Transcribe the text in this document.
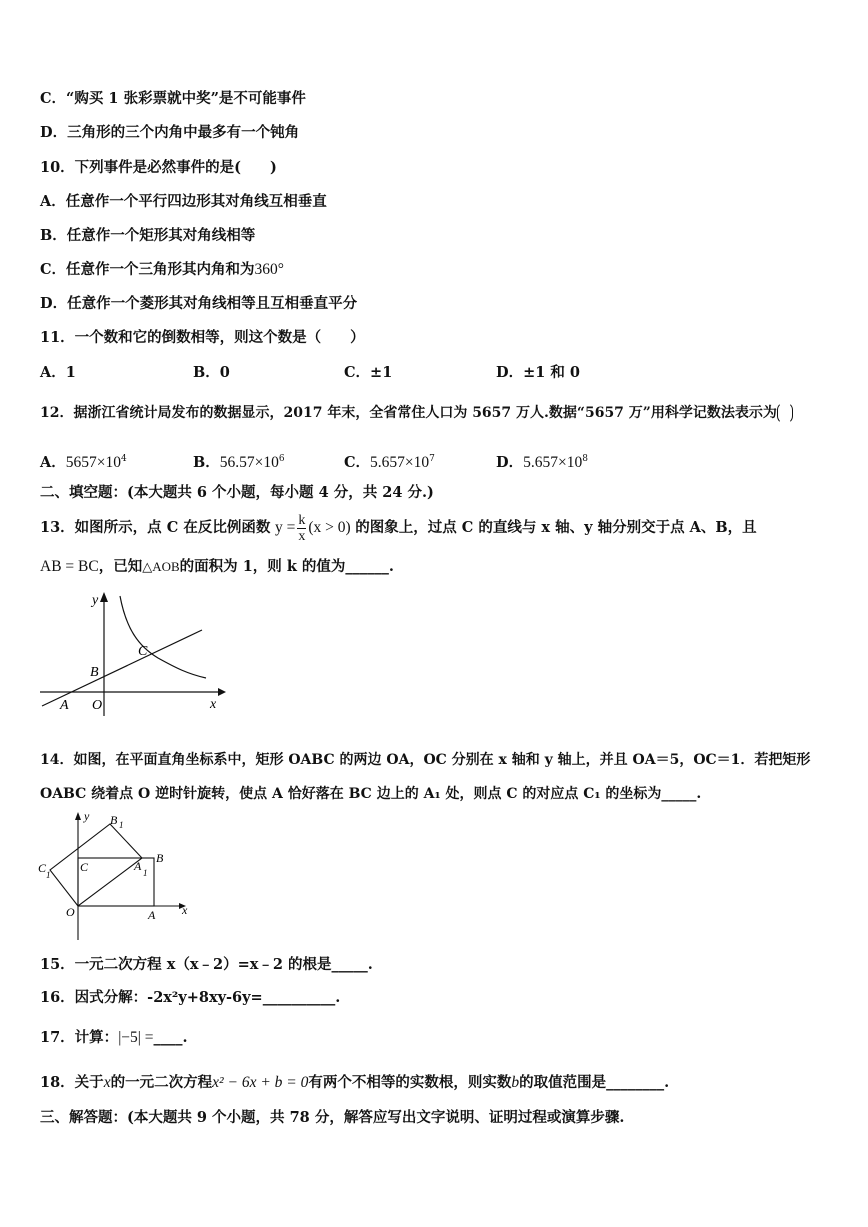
C．“购买 1 张彩票就中奖”是不可能事件
D．三角形的三个内角中最多有一个钝角
10．下列事件是必然事件的是(　　)
A．任意作一个平行四边形其对角线互相垂直
B．任意作一个矩形其对角线相等
C．任意作一个三角形其内角和为360°
D．任意作一个菱形其对角线相等且互相垂直平分
11．一个数和它的倒数相等，则这个数是（　　）
A．1	B．0	C．±1	D．±1 和 0
12．据浙江省统计局发布的数据显示，2017 年末，全省常住人口为 5657 万人.数据“5657 万”用科学记数法表示为
A．$5657\times 10^4$	B．$56.57\times 10^6$	C．$5.657\times 10^7$	D．$5.657\times 10^8$
二、填空题：(本大题共 6 个小题，每小题 4 分，共 24 分.)
13．如图所示，点 C 在反比例函数 $y = \frac{k}{x} (x > 0)$ 的图象上，过点 C 的直线与 x 轴、y 轴分别交于点 A、B，且
AB = BC，已知△AOB的面积为 1，则 k 的值为______.
y
x
A O
B
C
14．如图，在平面直角坐标系中，矩形 OABC 的两边 OA，OC 分别在 x 轴和 y 轴上，并且 OA＝5，OC＝1．若把矩形
OABC 绕着点 O 逆时针旋转，使点 A 恰好落在 BC 边上的 A₁ 处，则点 C 的对应点 C₁ 的坐标为_____.
y
x
O	A
B
C
B 1
C 1
A 1
15．一元二次方程 x（x﹣2）=x﹣2 的根是_____.
16．因式分解：-2x²y+8xy-6y=__________.
17．计算：|−5| =____.
18．关于x的一元二次方程x² − 6x + b = 0有两个不相等的实数根，则实数b的取值范围是________.
三、解答题：(本大题共 9 个小题，共 78 分，解答应写出文字说明、证明过程或演算步骤.
